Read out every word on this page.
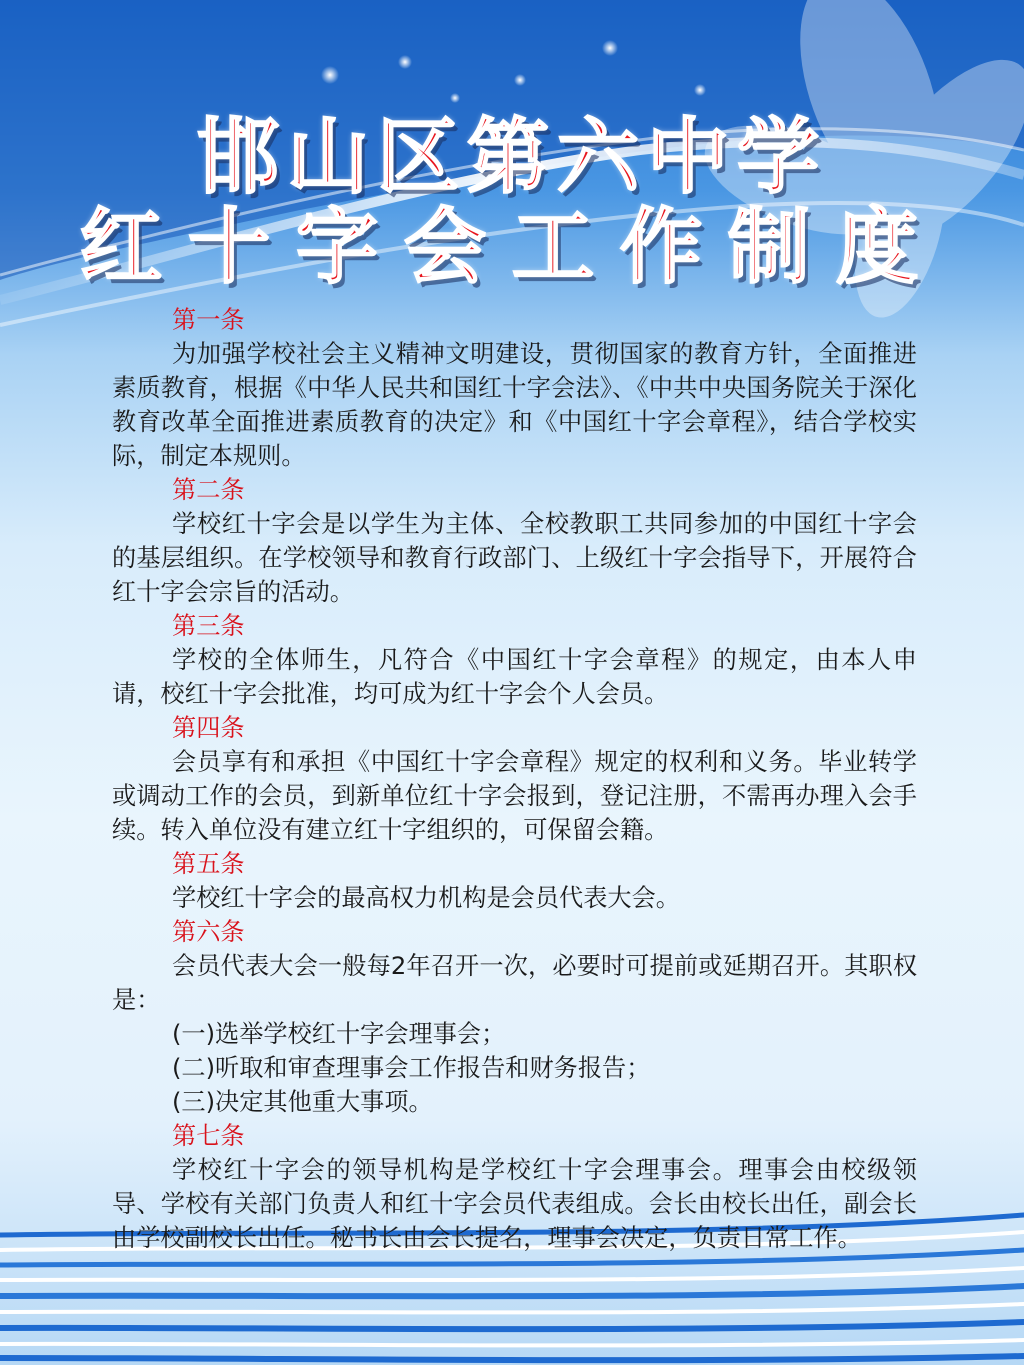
邯山区第六中学
红十字会工作制度
第一条
为加强学校社会主义精神文明建设，贯彻国家的教育方针，全面推进素质教育，根据《中华人民共和国红十字会法》、《中共中央国务院关于深化教育改革全面推进素质教育的决定》和《中国红十字会章程》，结合学校实际，制定本规则。
第二条
学校红十字会是以学生为主体、全校教职工共同参加的中国红十字会的基层组织。在学校领导和教育行政部门、上级红十字会指导下，开展符合红十字会宗旨的活动。
第三条
学校的全体师生，凡符合《中国红十字会章程》的规定，由本人申请，校红十字会批准，均可成为红十字会个人会员。
第四条
会员享有和承担《中国红十字会章程》规定的权利和义务。毕业转学或调动工作的会员，到新单位红十字会报到，登记注册，不需再办理入会手续。转入单位没有建立红十字组织的，可保留会籍。
第五条
学校红十字会的最高权力机构是会员代表大会。
第六条
会员代表大会一般每2年召开一次，必要时可提前或延期召开。其职权是：
(一)选举学校红十字会理事会；
(二)听取和审查理事会工作报告和财务报告；
(三)决定其他重大事项。
第七条
学校红十字会的领导机构是学校红十字会理事会。理事会由校级领导、学校有关部门负责人和红十字会员代表组成。会长由校长出任，副会长由学校副校长出任。秘书长由会长提名，理事会决定，负责日常工作。
